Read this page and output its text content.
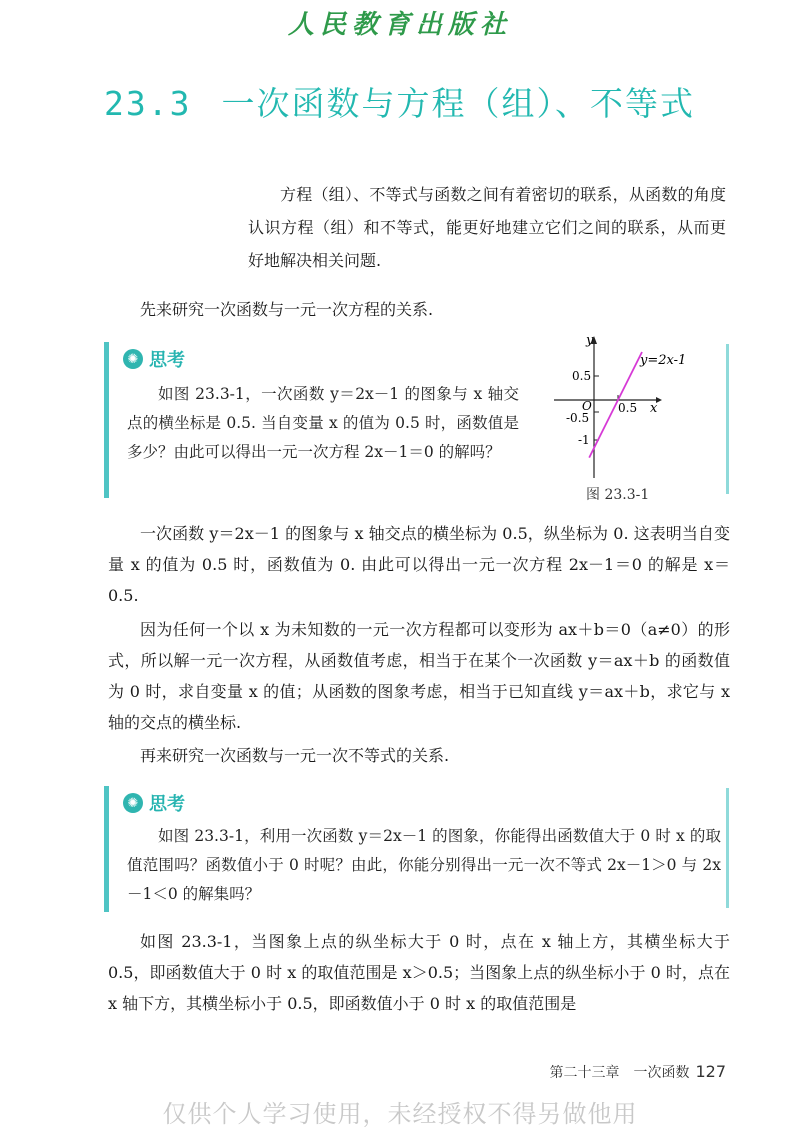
人民教育出版社
23.3 一次函数与方程（组）、不等式
方程（组）、不等式与函数之间有着密切的联系，从函数的角度认识方程（组）和不等式，能更好地建立它们之间的联系，从而更好地解决相关问题.
先来研究一次函数与一元一次方程的关系.
✺ 思考
如图 23.3-1，一次函数 y＝2x－1 的图象与 x 轴交点的横坐标是 0.5. 当自变量 x 的值为 0.5 时，函数值是多少？由此可以得出一元一次方程 2x－1＝0 的解吗？
y
x
O
0.5
0.5
-0.5
-1
y=2x-1
图 23.3-1
一次函数 y＝2x－1 的图象与 x 轴交点的横坐标为 0.5，纵坐标为 0. 这表明当自变量 x 的值为 0.5 时，函数值为 0. 由此可以得出一元一次方程 2x－1＝0 的解是 x＝0.5.
因为任何一个以 x 为未知数的一元一次方程都可以变形为 ax＋b＝0（a≠0）的形式，所以解一元一次方程，从函数值考虑，相当于在某个一次函数 y＝ax＋b 的函数值为 0 时，求自变量 x 的值；从函数的图象考虑，相当于已知直线 y＝ax＋b，求它与 x 轴的交点的横坐标.
再来研究一次函数与一元一次不等式的关系.
✺ 思考
如图 23.3-1，利用一次函数 y＝2x－1 的图象，你能得出函数值大于 0 时 x 的取值范围吗？函数值小于 0 时呢？由此，你能分别得出一元一次不等式 2x－1＞0 与 2x－1＜0 的解集吗？
如图 23.3-1，当图象上点的纵坐标大于 0 时，点在 x 轴上方，其横坐标大于 0.5，即函数值大于 0 时 x 的取值范围是 x＞0.5；当图象上点的纵坐标小于 0 时，点在 x 轴下方，其横坐标小于 0.5，即函数值小于 0 时 x 的取值范围是
第二十三章　一次函数 127
仅供个人学习使用，未经授权不得另做他用
